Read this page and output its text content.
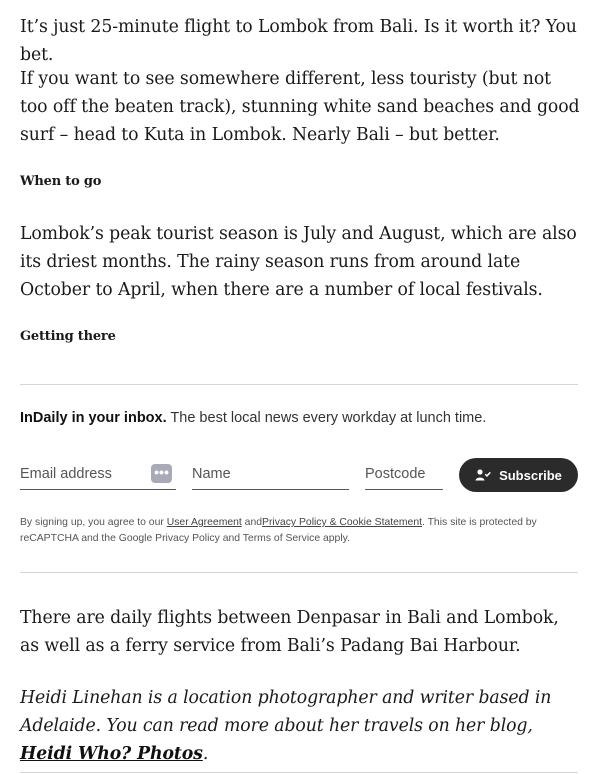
It’s just 25-minute flight to Lombok from Bali. Is it worth it? You bet.

If you want to see somewhere different, less touristy (but not too off the beaten track), stunning white sand beaches and good surf – head to Kuta in Lombok. Nearly Bali – but better.

When to go

Lombok’s peak tourist season is July and August, which are also its driest months. The rainy season runs from around late October to April, when there are a number of local festivals.

Getting there
InDaily in your inbox. The best local news every workday at lunch time.
Email address	••• Name	Postcode	Subscribe
By signing up, you agree to our User Agreement andPrivacy Policy & Cookie Statement. This site is protected by reCAPTCHA and the Google Privacy Policy and Terms of Service apply.

There are daily flights between Denpasar in Bali and Lombok, as well as a ferry service from Bali’s Padang Bai Harbour.

Heidi Linehan is a location photographer and writer based in Adelaide. You can read more about her travels on her blog, Heidi Who? Photos.
